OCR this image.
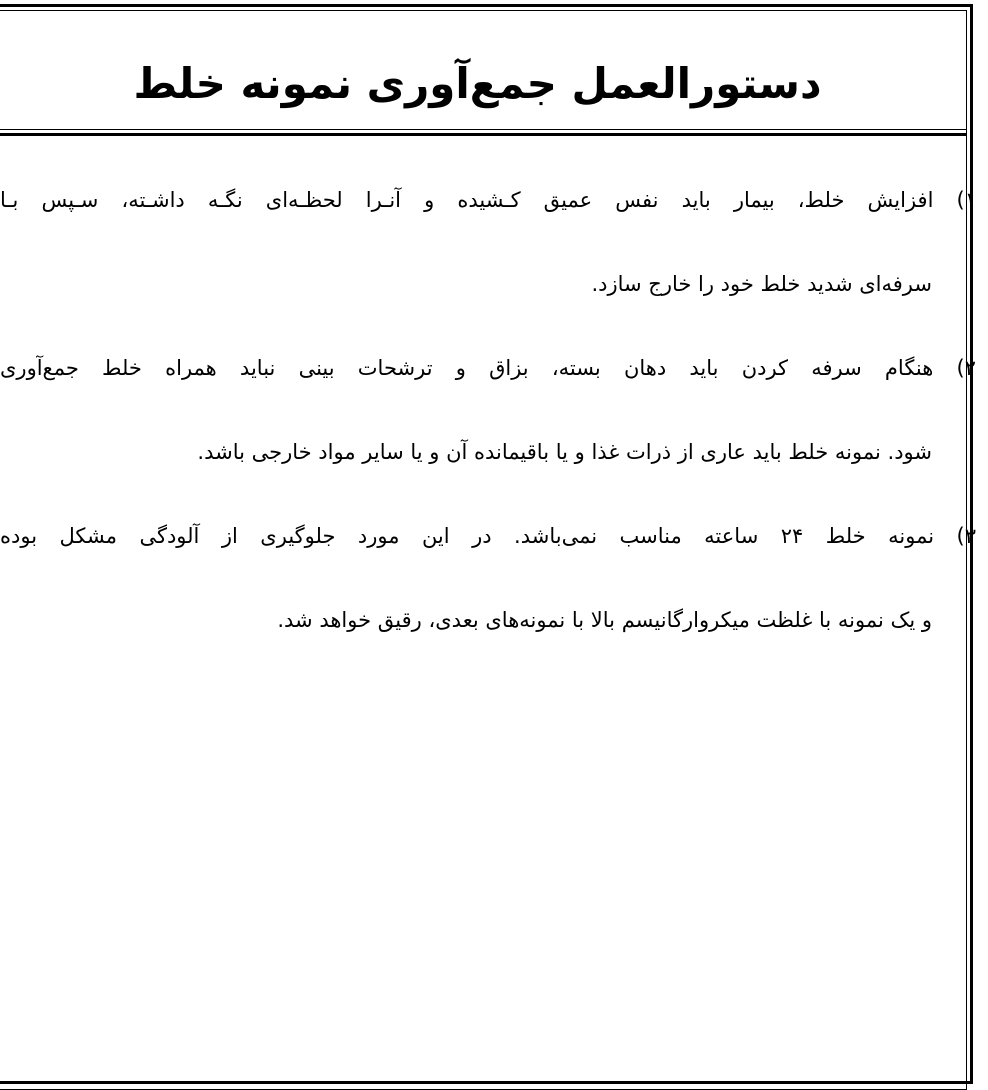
دستورالعمل جمع‌آوری نمونه خلط

۱) افزایش خلط، بیمار باید نفس عمیق کـشیده و آنـرا لحظـه‌ای نگـه داشـته، سـپس بـا
سرفه‌ای شدید خلط خود را خارج سازد.

۲) هنگام سرفه کردن باید دهان بسته، بزاق و ترشحات بینی نباید همراه خلط جمع‌آوری
شود. نمونه خلط باید عاری از ذرات غذا و یا باقیمانده آن و یا سایر مواد خارجی باشد.

۳) نمونه خلط ۲۴ ساعته مناسب نمی‌باشد. در این مورد جلوگیری از آلودگی مشکل بوده
و یک نمونه با غلظت میکروارگانیسم بالا با نمونه‌های بعدی، رقیق خواهد شد.
